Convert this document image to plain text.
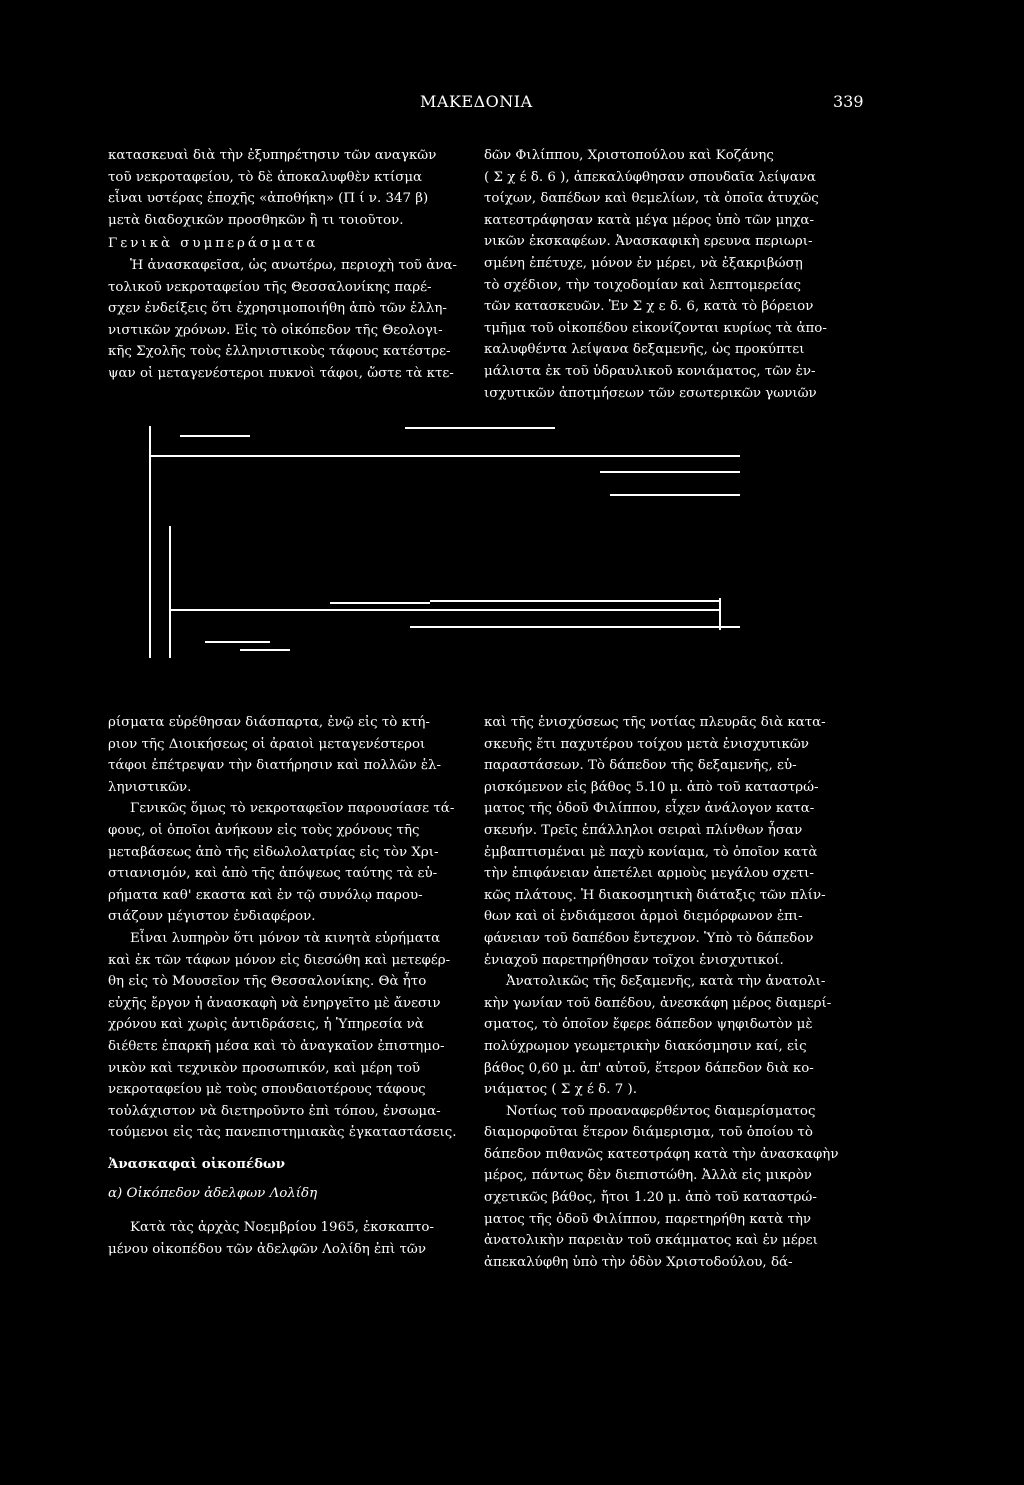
ΜΑΚΕΔΟΝΙΑ	339

κατασκευαὶ διὰ τὴν ἐξυπηρέτησιν τῶν αναγκῶν
τοῦ νεκροταφείου, τὸ δὲ ἀποκαλυφθὲν κτίσμα
εἶναι υστέρας ἐποχῆς «ἀποθήκη» (Π ί ν. 347 β)
μετὰ διαδοχικῶν προσθηκῶν ἢ τι τοιοῦτον.

Γενικὰ συμπεράσματα

Ἡ ἀνασκαφεῖσα, ὡς ανωτέρω, περιοχὴ τοῦ ἀνα-
τολικοῦ νεκροταφείου τῆς Θεσσαλονίκης παρέ-
σχεν ἐνδείξεις ὅτι ἐχρησιμοποιήθη ἀπὸ τῶν ἑλλη-
νιστικῶν χρόνων. Εἰς τὸ οἰκόπεδον τῆς Θεολογι-
κῆς Σχολῆς τοὺς ἑλληνιστικοὺς τάφους κατέστρε-
ψαν οἱ μεταγενέστεροι πυκνοὶ τάφοι, ὥστε τὰ κτε-

δῶν Φιλίππου, Χριστοπούλου καὶ Κοζάνης
( Σ χ έ δ. 6 ), ἀπεκαλύφθησαν σπουδαῖα λείψανα
τοίχων, δαπέδων καὶ θεμελίων, τὰ ὁποῖα ἀτυχῶς
κατεστράφησαν κατὰ μέγα μέρος ὑπὸ τῶν μηχα-
νικῶν ἐκσκαφέων. Ἀνασκαφικὴ ερευνα περιωρι-
σμένη ἐπέτυχε, μόνον ἐν μέρει, νὰ ἐξακριβώσῃ
τὸ σχέδιον, τὴν τοιχοδομίαν καὶ λεπτομερείας
τῶν κατασκευῶν. Ἐν Σ χ ε δ. 6, κατὰ τὸ βόρειον
τμῆμα τοῦ οἰκοπέδου εἰκονίζονται κυρίως τὰ ἀπο-
καλυφθέντα λείψανα δεξαμενῆς, ὡς προκύπτει
μάλιστα ἐκ τοῦ ὑδραυλικοῦ κονιάματος, τῶν ἐν-
ισχυτικῶν ἀποτμήσεων τῶν εσωτερικῶν γωνιῶν

ρίσματα εὑρέθησαν διάσπαρτα, ἐνῷ εἰς τὸ κτή-
ριον τῆς Διοικήσεως οἱ ἀραιοὶ μεταγενέστεροι
τάφοι ἐπέτρεψαν τὴν διατήρησιν καὶ πολλῶν ἑλ-
ληνιστικῶν.

Γενικῶς ὅμως τὸ νεκροταφεῖον παρουσίασε τά-
φους, οἱ ὁποῖοι ἀνήκουν εἰς τοὺς χρόνους τῆς
μεταβάσεως ἀπὸ τῆς εἰδωλολατρίας εἰς τὸν Χρι-
στιανισμόν, καὶ ἀπὸ τῆς ἀπόψεως ταύτης τὰ εὑ-
ρήματα καθ' εκαστα καὶ ἐν τῷ συνόλῳ παρου-
σιάζουν μέγιστον ἐνδιαφέρον.

Εἶναι λυπηρὸν ὅτι μόνον τὰ κινητὰ εὑρήματα
καὶ ἐκ τῶν τάφων μόνον εἰς διεσώθη καὶ μετεφέρ-
θη εἰς τὸ Μουσεῖον τῆς Θεσσαλονίκης. Θὰ ἦτο
εὐχῆς ἔργον ἡ ἀνασκαφὴ νὰ ἐνηργεῖτο μὲ ἄνεσιν
χρόνου καὶ χωρὶς ἀντιδράσεις, ἡ Ὑπηρεσία νὰ
διέθετε ἐπαρκῆ μέσα καὶ τὸ ἀναγκαῖον ἐπιστημο-
νικὸν καὶ τεχνικὸν προσωπικόν, καὶ μέρη τοῦ
νεκροταφείου μὲ τοὺς σπουδαιοτέρους τάφους
τοὐλάχιστον νὰ διετηροῦντο ἐπὶ τόπου, ἐνσωμα-
τούμενοι εἰς τὰς πανεπιστημιακὰς ἐγκαταστάσεις.

Ἀνασκαφαὶ οἰκοπέδων

α) Οἰκόπεδον ἀδελφων Λολίδη

Κατὰ τὰς ἀρχὰς Νοεμβρίου 1965, ἐκσκαπτο-
μένου οἰκοπέδου τῶν ἀδελφῶν Λολίδη ἐπὶ τῶν

καὶ τῆς ἐνισχύσεως τῆς νοτίας πλευρᾶς διὰ κατα-
σκευῆς ἔτι παχυτέρου τοίχου μετὰ ἐνισχυτικῶν
παραστάσεων. Τὸ δάπεδον τῆς δεξαμενῆς, εὑ-
ρισκόμενον εἰς βάθος 5.10 μ. ἀπὸ τοῦ καταστρώ-
ματος τῆς ὁδοῦ Φιλίππου, εἶχεν ἀνάλογον κατα-
σκευήν. Τρεῖς ἐπάλληλοι σειραὶ πλίνθων ἦσαν
ἐμβαπτισμέναι μὲ παχὺ κονίαμα, τὸ ὁποῖον κατὰ
τὴν ἐπιφάνειαν ἀπετέλει αρμοὺς μεγάλου σχετι-
κῶς πλάτους. Ἡ διακοσμητικὴ διάταξις τῶν πλίν-
θων καὶ οἱ ἐνδιάμεσοι ἁρμοὶ διεμόρφωνον ἐπι-
φάνειαν τοῦ δαπέδου ἔντεχνον. Ὑπὸ τὸ δάπεδον
ἐνιαχοῦ παρετηρήθησαν τοῖχοι ἐνισχυτικοί.

Ἀνατολικῶς τῆς δεξαμενῆς, κατὰ τὴν ἀνατολι-
κὴν γωνίαν τοῦ δαπέδου, ἀνεσκάφη μέρος διαμερί-
σματος, τὸ ὁποῖον ἔφερε δάπεδον ψηφιδωτὸν μὲ
πολύχρωμον γεωμετρικὴν διακόσμησιν καί, εἰς
βάθος 0,60 μ. ἀπ' αὐτοῦ, ἕτερον δάπεδον διὰ κο-
νιάματος ( Σ χ έ δ. 7 ).

Νοτίως τοῦ προαναφερθέντος διαμερίσματος
διαμορφοῦται ἕτερον διάμερισμα, τοῦ ὁποίου τὸ
δάπεδον πιθανῶς κατεστράφη κατὰ τὴν ἀνασκαφὴν
μέρος, πάντως δὲν διεπιστώθη. Ἀλλὰ εἰς μικρὸν
σχετικῶς βάθος, ἤτοι 1.20 μ. ἀπὸ τοῦ καταστρώ-
ματος τῆς ὁδοῦ Φιλίππου, παρετηρήθη κατὰ τὴν
ἀνατολικὴν παρειὰν τοῦ σκάμματος καὶ ἐν μέρει
ἀπεκαλύφθη ὑπὸ τὴν ὁδὸν Χριστοδούλου, δά-
